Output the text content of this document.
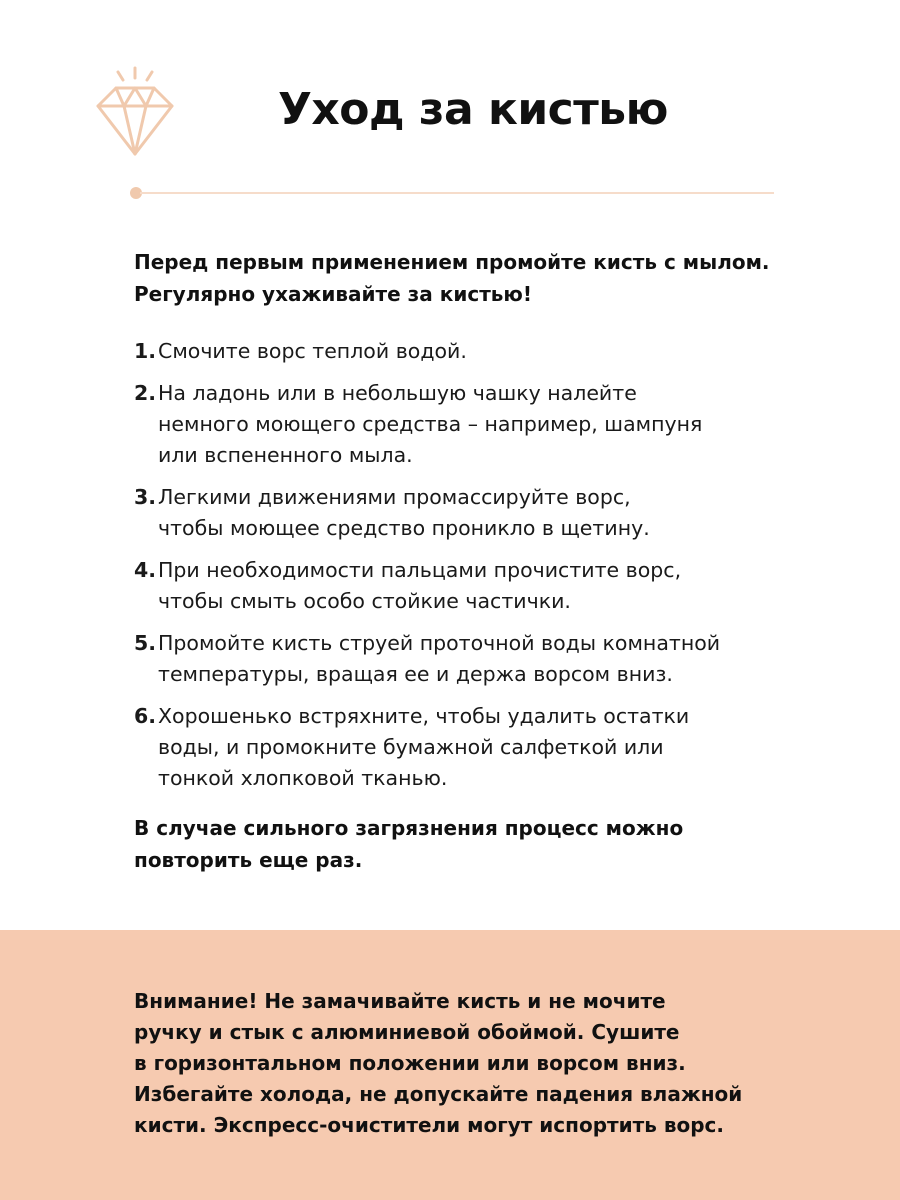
Уход за кистью

Перед первым применением промойте кисть с мылом.

Регулярно ухаживайте за кистью!

1. Смочите ворс теплой водой.
2. На ладонь или в небольшую чашку налейте
немного моющего средства – например, шампуня
или вспененного мыла.
3. Легкими движениями промассируйте ворс,
чтобы моющее средство проникло в щетину.
4. При необходимости пальцами прочистите ворс,
чтобы смыть особо стойкие частички.
5. Промойте кисть струей проточной воды комнатной
температуры, вращая ее и держа ворсом вниз.
6. Хорошенько встряхните, чтобы удалить остатки
воды, и промокните бумажной салфеткой или
тонкой хлопковой тканью.

В случае сильного загрязнения процесс можно

повторить еще раз.

Внимание! Не замачивайте кисть и не мочите
ручку и стык с алюминиевой обоймой. Сушите
в горизонтальном положении или ворсом вниз.
Избегайте холода, не допускайте падения влажной
кисти. Экспресс-очистители могут испортить ворс.
